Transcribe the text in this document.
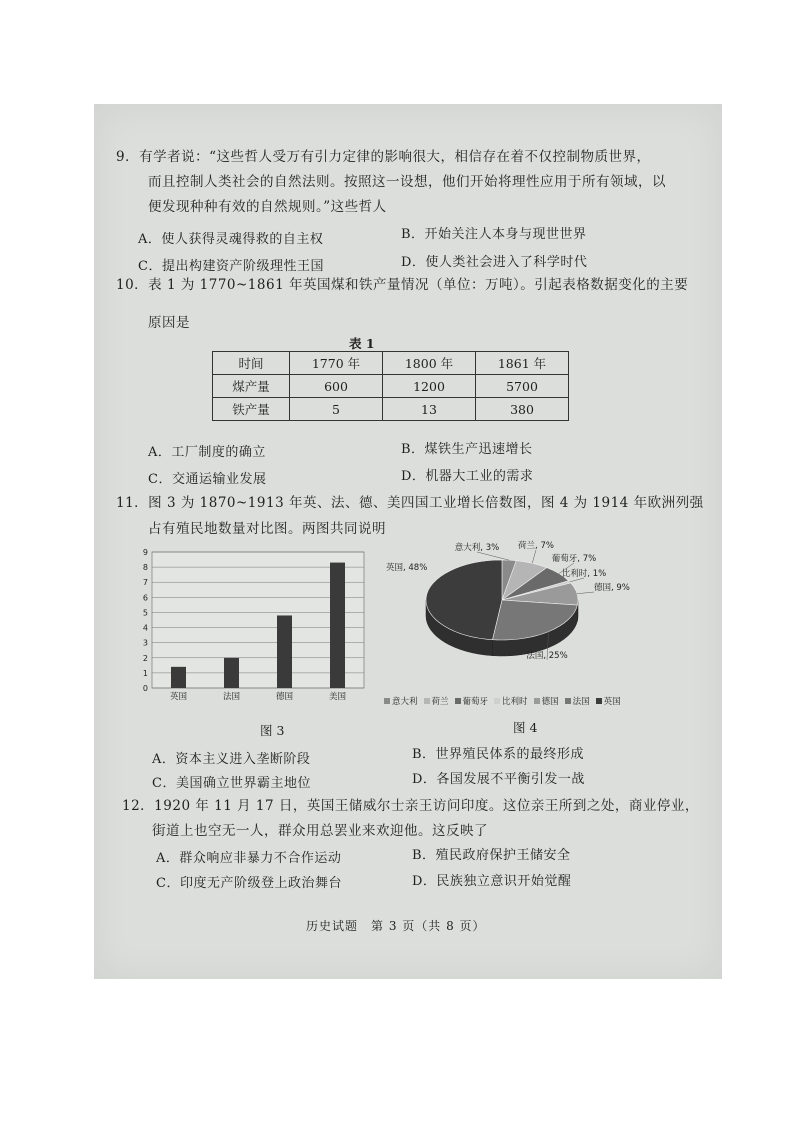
9．有学者说：“这些哲人受万有引力定律的影响很大，相信存在着不仅控制物质世界，
而且控制人类社会的自然法则。按照这一设想，他们开始将理性应用于所有领域，以
便发现种种有效的自然规则。”这些哲人
A．使人获得灵魂得救的自主权	B．开始关注人本身与现世世界
C．提出构建资产阶级理性王国	D．使人类社会进入了科学时代
10．表 1 为 1770~1861 年英国煤和铁产量情况（单位：万吨）。引起表格数据变化的主要
原因是
表 1
时间	1770 年	1800 年	1861 年
煤产量	600	1200	5700
铁产量	5	13	380
A．工厂制度的确立	B．煤铁生产迅速增长
C．交通运输业发展	D．机器大工业的需求
11．图 3 为 1870~1913 年英、法、德、美四国工业增长倍数图，图 4 为 1914 年欧洲列强
占有殖民地数量对比图。两图共同说明
0
1
2
3
4
5
6
7
8
9
英国	法国	德国	美国
图 3
意大利, 3% 荷兰, 7%
葡萄牙, 7%
比利时, 1%
德国, 9%
法国, 25%
英国, 48%
意大利 荷兰 葡萄牙 比利时 德国 法国 英国
图 4
A．资本主义进入垄断阶段	B．世界殖民体系的最终形成
C．美国确立世界霸主地位	D．各国发展不平衡引发一战
12．1920 年 11 月 17 日，英国王储威尔士亲王访问印度。这位亲王所到之处，商业停业，
街道上也空无一人，群众用总罢业来欢迎他。这反映了
A．群众响应非暴力不合作运动	B．殖民政府保护王储安全
C．印度无产阶级登上政治舞台	D．民族独立意识开始觉醒
历史试题　第 3 页（共 8 页）
